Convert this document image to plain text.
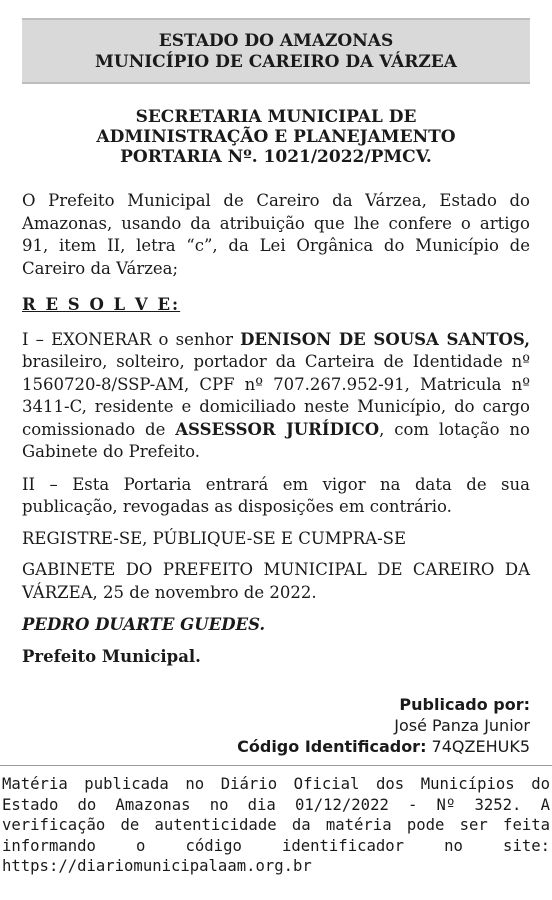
ESTADO DO AMAZONAS
MUNICÍPIO DE CAREIRO DA VÁRZEA
SECRETARIA MUNICIPAL DE
ADMINISTRAÇÃO E PLANEJAMENTO
PORTARIA Nº. 1021/2022/PMCV.

O Prefeito Municipal de Careiro da Várzea, Estado do Amazonas, usando da atribuição que lhe confere o artigo 91, item II, letra “c”, da Lei Orgânica do Município de Careiro da Várzea;

R E S O L V E:

I – EXONERAR o senhor DENISON DE SOUSA SANTOS, brasileiro, solteiro, portador da Carteira de Identidade nº 1560720-8/SSP-AM, CPF nº 707.267.952-91, Matricula nº 3411-C, residente e domiciliado neste Município, do cargo comissionado de ASSESSOR JURÍDICO, com lotação no Gabinete do Prefeito.

II – Esta Portaria entrará em vigor na data de sua publicação, revogadas as disposições em contrário.

REGISTRE-SE, PÚBLIQUE-SE E CUMPRA-SE

GABINETE DO PREFEITO MUNICIPAL DE CAREIRO DA VÁRZEA, 25 de novembro de 2022.

PEDRO DUARTE GUEDES.

Prefeito Municipal.

Publicado por:
José Panza Junior
Código Identificador: 74QZEHUK5

Matéria publicada no Diário Oficial dos Municípios do Estado do Amazonas no dia 01/12/2022 - Nº 3252. A verificação de autenticidade da matéria pode ser feita informando o código identificador no site: https://diariomunicipalaam.org.br
